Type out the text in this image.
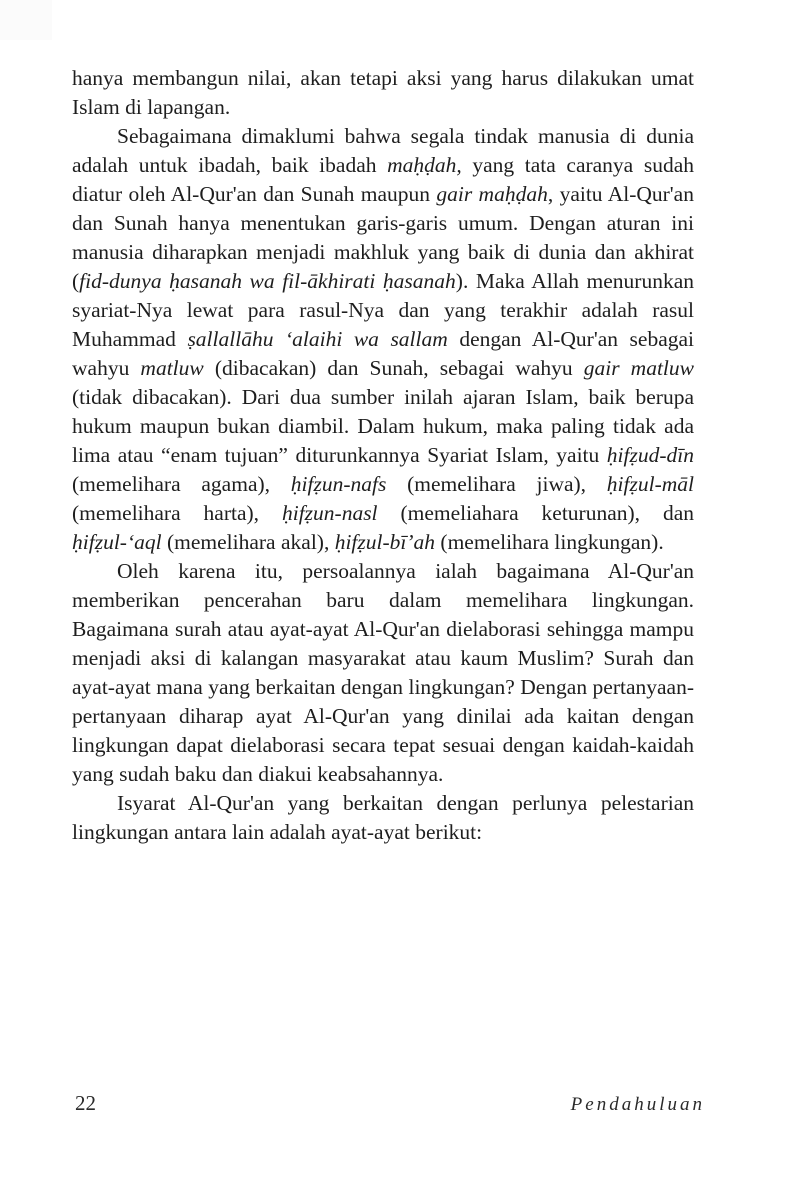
hanya membangun nilai, akan tetapi aksi yang harus dilakukan umat Islam di lapangan.

Sebagaimana dimaklumi bahwa segala tindak manusia di dunia adalah untuk ibadah, baik ibadah maḥḍah, yang tata caranya sudah diatur oleh Al-Qur'an dan Sunah maupun gair maḥḍah, yaitu Al-Qur'an dan Sunah hanya menentukan garis-garis umum. Dengan aturan ini manusia diharapkan menjadi makhluk yang baik di dunia dan akhirat (fid-dunya ḥasanah wa fil-ākhirati ḥasanah). Maka Allah menurunkan syariat-Nya lewat para rasul-Nya dan yang terakhir adalah rasul Muhammad ṣallallāhu ‘alaihi wa sallam dengan Al-Qur'an sebagai wahyu matluw (dibacakan) dan Sunah, sebagai wahyu gair matluw (tidak dibacakan). Dari dua sumber inilah ajaran Islam, baik berupa hukum maupun bukan diambil. Dalam hukum, maka paling tidak ada lima atau “enam tujuan” diturunkannya Syariat Islam, yaitu ḥifẓud-dīn (memelihara agama), ḥifẓun-nafs (memelihara jiwa), ḥifẓul-māl (memelihara harta), ḥifẓun-nasl (memeliahara keturunan), dan ḥifẓul-‘aql (memelihara akal), ḥifẓul-bī’ah (memelihara lingkungan).

Oleh karena itu, persoalannya ialah bagaimana Al-Qur'an memberikan pencerahan baru dalam memelihara lingkungan. Bagaimana surah atau ayat-ayat Al-Qur'an dielaborasi sehingga mampu menjadi aksi di kalangan masyarakat atau kaum Muslim? Surah dan ayat-ayat mana yang berkaitan dengan lingkungan? Dengan pertanyaan-pertanyaan diharap ayat Al-Qur'an yang dinilai ada kaitan dengan lingkungan dapat dielaborasi secara tepat sesuai dengan kaidah-kaidah yang sudah baku dan diakui keabsahannya.

Isyarat Al-Qur'an yang berkaitan dengan perlunya pelestarian lingkungan antara lain adalah ayat-ayat berikut:

22	Pendahuluan
